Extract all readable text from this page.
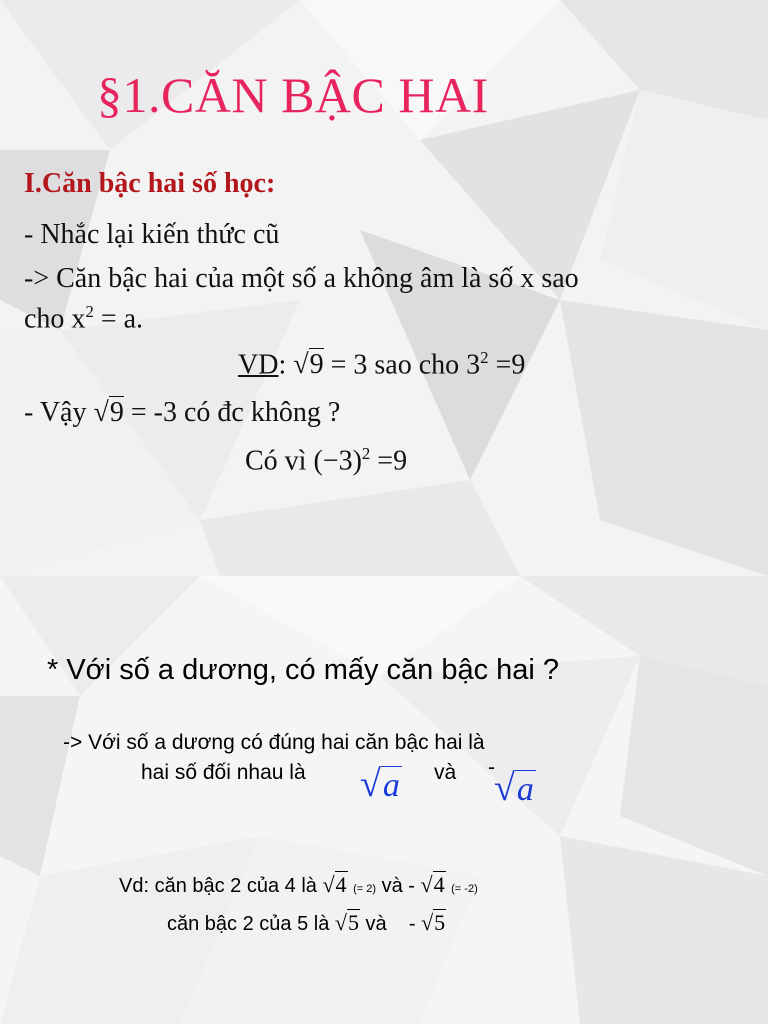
§1.CĂN BẬC HAI
I.Căn bậc hai số học:
- Nhắc lại kiến thức cũ
-> Căn bậc hai của một số a không âm là số x sao
cho $x^2 = a$.
VD: √9 = 3 sao cho $3^2 =9$
- Vậy √9 = -3 có đc không ?
Có vì $(-3)^2 =9$
* Với số a dương, có mấy căn bậc hai ?
-> Với số a dương có đúng hai căn bậc hai là
hai số đối nhau là √a và - √a
Vd: căn bậc 2 của 4 là √4 (= 2) và - √4 (= -2)
căn bậc 2 của 5 là √5 và    - √5
